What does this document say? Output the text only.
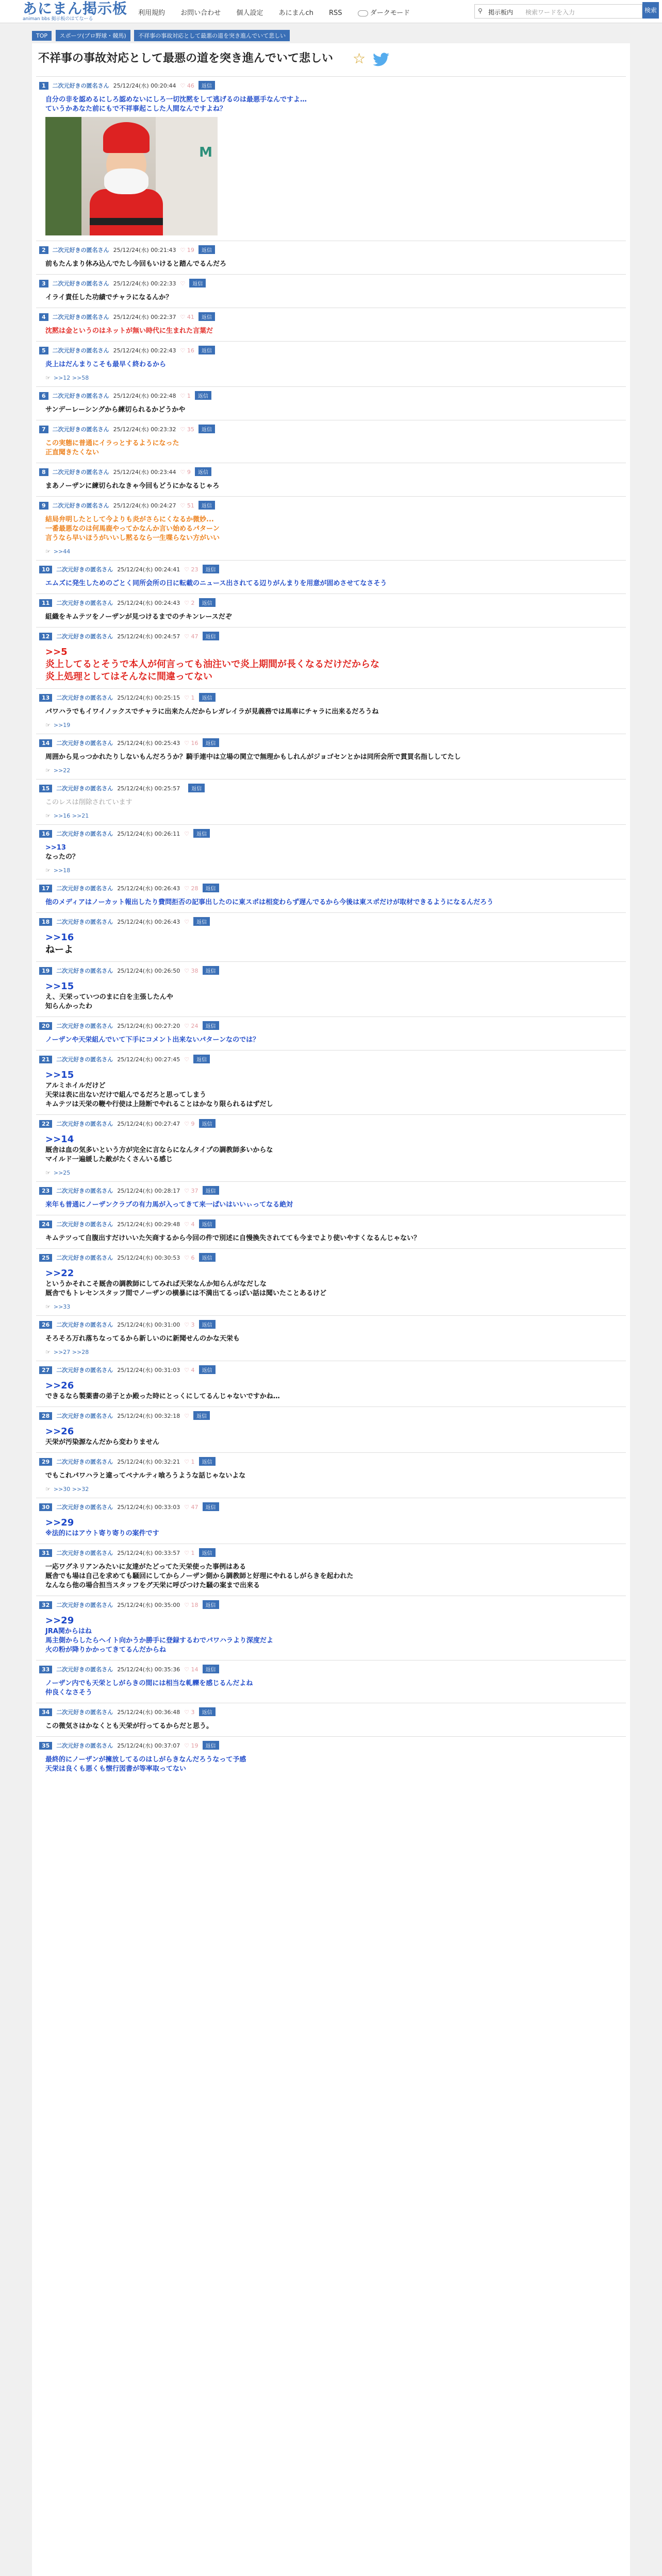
あにまん掲示板
animan bbs 掲示板のはてなーる
利用規約 お問い合わせ 個人設定 あにまんch RSS	ダークモード	⚲ 掲示板内 検索ワードを入力	検索
TOP スポーツ(プロ野球・競馬) 不祥事の事故対応として最悪の道を突き進んでいて悲しい
不祥事の事故対応として最悪の道を突き進んでいて悲しい	☆
1 二次元好きの匿名さん 25/12/24(水) 00:20:44 ♡ 46 返信
自分の非を認めるにしろ認めないにしろ一切沈黙をして逃げるのは最悪手なんですよ…
ていうかあなた前にもで不祥事起こした人間なんですよね？
M
2 二次元好きの匿名さん 25/12/24(水) 00:21:43 ♡ 19 返信
前もたんまり休み込んでたし今回もいけると踏んでるんだろ
3 二次元好きの匿名さん 25/12/24(水) 00:22:33 ♡ 返信
イライ責任した功績でチャラになるんか？
4 二次元好きの匿名さん 25/12/24(水) 00:22:37 ♡ 41 返信
沈黙は金というのはネットが無い時代に生まれた言葉だ
5 二次元好きの匿名さん 25/12/24(水) 00:22:43 ♡ 16 返信
炎上はだんまりこそも最早く終わるから
☞ >>12 >>58
6 二次元好きの匿名さん 25/12/24(水) 00:22:48 ♡ 1 返信
サンデーレーシングから練切られるかどうかや
7 二次元好きの匿名さん 25/12/24(水) 00:23:32 ♡ 35 返信
この実態に普通にイラっとするようになった
正直聞きたくない
8 二次元好きの匿名さん 25/12/24(水) 00:23:44 ♡ 9 返信
まあノーザンに練切られなきゃ今回もどうにかなるじゃろ
9 二次元好きの匿名さん 25/12/24(水) 00:24:27 ♡ 51 返信
結局弁明したとして今よりも炎がさらにくなるか微妙...
一番最悪なのは何馬鹿やってかなんか言い始めるパターン
言うなら早いほうがいいし黙るなら一生喋らない方がいい
☞ >>44
10 二次元好きの匿名さん 25/12/24(水) 00:24:41 ♡ 23 返信
エムズに発生しためのごとく同所会所の日に転載のニュース出されてる辺りがんまりを用意が固めさせてなさそう
11 二次元好きの匿名さん 25/12/24(水) 00:24:43 ♡ 2 返信
組織をキムテツをノーザンが見つけるまでのチキンレースだぞ
12 二次元好きの匿名さん 25/12/24(水) 00:24:57 ♡ 47 返信
>>5
炎上してるとそうで本人が何言っても油注いで炎上期間が長くなるだけだからな
炎上処理としてはそんなに間違ってない
13 二次元好きの匿名さん 25/12/24(水) 00:25:15 ♡ 1 返信
パワハラでもイワイノックスでチャラに出来たんだからレガレイラが見義務では馬車にチャラに出来るだろうね
☞ >>19
14 二次元好きの匿名さん 25/12/24(水) 00:25:43 ♡ 16 返信
周囲から見っつかれたりしないもんだろうか？騎手連中は立場の関立で無理かもしれんがジョゴセンとかは同所会所で貫買名指ししてたし
☞ >>22
15 二次元好きの匿名さん 25/12/24(水) 00:25:57 返信
このレスは削除されています
☞ >>16 >>21
16 二次元好きの匿名さん 25/12/24(水) 00:26:11 ♡ 返信
>>13
なったの？
☞ >>18
17 二次元好きの匿名さん 25/12/24(水) 00:26:43 ♡ 28 返信
他のメディアはノーカット報出したり費問拒否の記事出したのに東スポは相変わらず遅んでるから今後は東スポだけが取材できるようになるんだろう
18 二次元好きの匿名さん 25/12/24(水) 00:26:43 ♡ 返信
>>16
ねーよ
19 二次元好きの匿名さん 25/12/24(水) 00:26:50 ♡ 38 返信
>>15
え、天栄っていつのまに白を主張したんや
知らんかったわ
20 二次元好きの匿名さん 25/12/24(水) 00:27:20 ♡ 24 返信
ノーザンや天栄組んでいて下手にコメント出来ないパターンなのでは？
21 二次元好きの匿名さん 25/12/24(水) 00:27:45 ♡ 返信
>>15
アルミホイルだけど
天栄は表に出ないだけで組んでるだろと思ってしまう
キムテツは天栄の鞭や行使は上陸断でやれることはかなり限られるはずだし
22 二次元好きの匿名さん 25/12/24(水) 00:27:47 ♡ 9 返信
>>14
厩舎は血の気多いという方が完全に言ならになんタイプの調教師多いからな
マイルド一遍緩した敵がたくさんいる感じ
☞ >>25
23 二次元好きの匿名さん 25/12/24(水) 00:28:17 ♡ 37 返信
来年も普通にノーザンクラブの有力馬が入ってきて来一ぱいはいいぃってなる絶対
24 二次元好きの匿名さん 25/12/24(水) 00:29:48 ♡ 4 返信
キムテツって自腹出すだけいいた矢商するから今回の件で別述に自慢換失されてても今までより使いやすくなるんじゃない？
25 二次元好きの匿名さん 25/12/24(水) 00:30:53 ♡ 6 返信
>>22
というかそれこそ厩舎の調教師にしてみれば天栄なんか知らんがなだしな
厩舎でもトレセンスタッフ間でノーザンの横暴には不満出てるっぽい話は聞いたことあるけど
☞ >>33
26 二次元好きの匿名さん 25/12/24(水) 00:31:00 ♡ 3 返信
そろそろ万れ落ちなってるから新しいのに新聞せんのかな天栄も
☞ >>27 >>28
27 二次元好きの匿名さん 25/12/24(水) 00:31:03 ♡ 4 返信
>>26
できるなら製薬書の弟子とか殿った時にとっくにしてるんじゃないですかね…
28 二次元好きの匿名さん 25/12/24(水) 00:32:18 ♡ 返信
>>26
天栄が汚染源なんだから変わりません
29 二次元好きの匿名さん 25/12/24(水) 00:32:21 ♡ 1 返信
でもこれパワハラと違ってペナルティ喰ろうような話じゃないよな
☞ >>30 >>32
30 二次元好きの匿名さん 25/12/24(水) 00:33:03 ♡ 47 返信
>>29
※法的にはアウト寄り寄りの案件です
31 二次元好きの匿名さん 25/12/24(水) 00:33:57 ♡ 1 返信
一応ワグネリアンみたいに友達がたどってた天栄使った事例はある
厩舎でも場は自己を求めても騒回にしてからノーザン側から調教師と好理にやれるしがらきを起われた
なんなら他の場合担当スタッフをグ天栄に呼びつけた騒の案まで出来る
32 二次元好きの匿名さん 25/12/24(水) 00:35:00 ♡ 18 返信
>>29
JRA関からはね
馬主側からしたらヘイト向かうか勝手に登録するわでパワハラより深度だよ
火の粉が降りかかってきてるんだからね
33 二次元好きの匿名さん 25/12/24(水) 00:35:36 ♡ 14 返信
ノーザン内でも天栄としがらきの間には相当な軋轢を感じるんだよね
仲良くなさそう
34 二次元好きの匿名さん 25/12/24(水) 00:36:48 ♡ 3 返信
この微気さはかなくとも天栄が行ってるからだと思う。
35 二次元好きの匿名さん 25/12/24(水) 00:37:07 ♡ 19 返信
最終的にノーザンが擁放してるのはしがらきなんだろうなって予感
天栄は良くも悪くも懐行図書が等率取ってない
